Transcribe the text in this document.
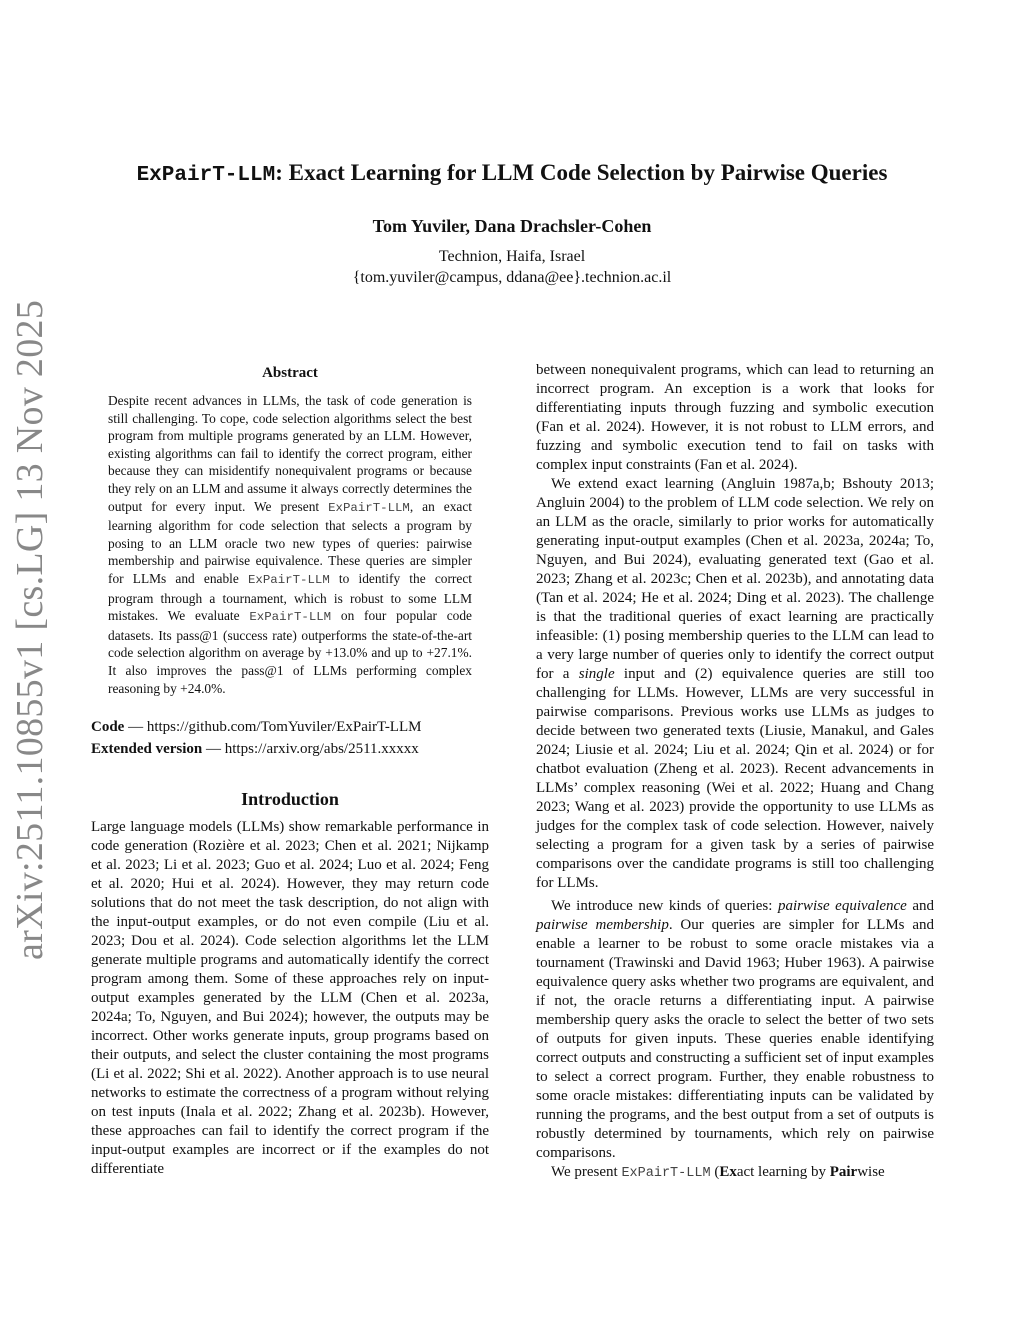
arXiv:2511.10855v1 [cs.LG] 13 Nov 2025
ExPairT-LLM: Exact Learning for LLM Code Selection by Pairwise Queries
Tom Yuviler, Dana Drachsler-Cohen
Technion, Haifa, Israel
{tom.yuviler@campus, ddana@ee}.technion.ac.il
Abstract

Despite recent advances in LLMs, the task of code generation is still challenging. To cope, code selection algorithms select the best program from multiple programs generated by an LLM. However, existing algorithms can fail to identify the correct program, either because they can misidentify nonequivalent programs or because they rely on an LLM and assume it always correctly determines the output for every input. We present ExPairT-LLM, an exact learning algorithm for code selection that selects a program by posing to an LLM oracle two new types of queries: pairwise membership and pairwise equivalence. These queries are simpler for LLMs and enable ExPairT-LLM to identify the correct program through a tournament, which is robust to some LLM mistakes. We evaluate ExPairT-LLM on four popular code datasets. Its pass@1 (success rate) outperforms the state-of-the-art code selection algorithm on average by +13.0% and up to +27.1%. It also improves the pass@1 of LLMs performing complex reasoning by +24.0%.

Code — https://github.com/TomYuviler/ExPairT-LLM
Extended version — https://arxiv.org/abs/2511.xxxxx
Introduction

Large language models (LLMs) show remarkable performance in code generation (Rozière et al. 2023; Chen et al. 2021; Nijkamp et al. 2023; Li et al. 2023; Guo et al. 2024; Luo et al. 2024; Feng et al. 2020; Hui et al. 2024). However, they may return code solutions that do not meet the task description, do not align with the input-output examples, or do not even compile (Liu et al. 2023; Dou et al. 2024). Code selection algorithms let the LLM generate multiple programs and automatically identify the correct program among them. Some of these approaches rely on input-output examples generated by the LLM (Chen et al. 2023a, 2024a; To, Nguyen, and Bui 2024); however, the outputs may be incorrect. Other works generate inputs, group programs based on their outputs, and select the cluster containing the most programs (Li et al. 2022; Shi et al. 2022). Another approach is to use neural networks to estimate the correctness of a program without relying on test inputs (Inala et al. 2022; Zhang et al. 2023b). However, these approaches can fail to identify the correct program if the input-output examples are incorrect or if the examples do not differentiate

between nonequivalent programs, which can lead to returning an incorrect program. An exception is a work that looks for differentiating inputs through fuzzing and symbolic execution (Fan et al. 2024). However, it is not robust to LLM errors, and fuzzing and symbolic execution tend to fail on tasks with complex input constraints (Fan et al. 2024).

We extend exact learning (Angluin 1987a,b; Bshouty 2013; Angluin 2004) to the problem of LLM code selection. We rely on an LLM as the oracle, similarly to prior works for automatically generating input-output examples (Chen et al. 2023a, 2024a; To, Nguyen, and Bui 2024), evaluating generated text (Gao et al. 2023; Zhang et al. 2023c; Chen et al. 2023b), and annotating data (Tan et al. 2024; He et al. 2024; Ding et al. 2023). The challenge is that the traditional queries of exact learning are practically infeasible: (1) posing membership queries to the LLM can lead to a very large number of queries only to identify the correct output for a single input and (2) equivalence queries are still too challenging for LLMs. However, LLMs are very successful in pairwise comparisons. Previous works use LLMs as judges to decide between two generated texts (Liusie, Manakul, and Gales 2024; Liusie et al. 2024; Liu et al. 2024; Qin et al. 2024) or for chatbot evaluation (Zheng et al. 2023). Recent advancements in LLMs’ complex reasoning (Wei et al. 2022; Huang and Chang 2023; Wang et al. 2023) provide the opportunity to use LLMs as judges for the complex task of code selection. However, naively selecting a program for a given task by a series of pairwise comparisons over the candidate programs is still too challenging for LLMs.

We introduce new kinds of queries: pairwise equivalence and pairwise membership. Our queries are simpler for LLMs and enable a learner to be robust to some oracle mistakes via a tournament (Trawinski and David 1963; Huber 1963). A pairwise equivalence query asks whether two programs are equivalent, and if not, the oracle returns a differentiating input. A pairwise membership query asks the oracle to select the better of two sets of outputs for given inputs. These queries enable identifying correct outputs and constructing a sufficient set of input examples to select a correct program. Further, they enable robustness to some oracle mistakes: differentiating inputs can be validated by running the programs, and the best output from a set of outputs is robustly determined by tournaments, which rely on pairwise comparisons.

We present ExPairT-LLM (Exact learning by Pairwise
